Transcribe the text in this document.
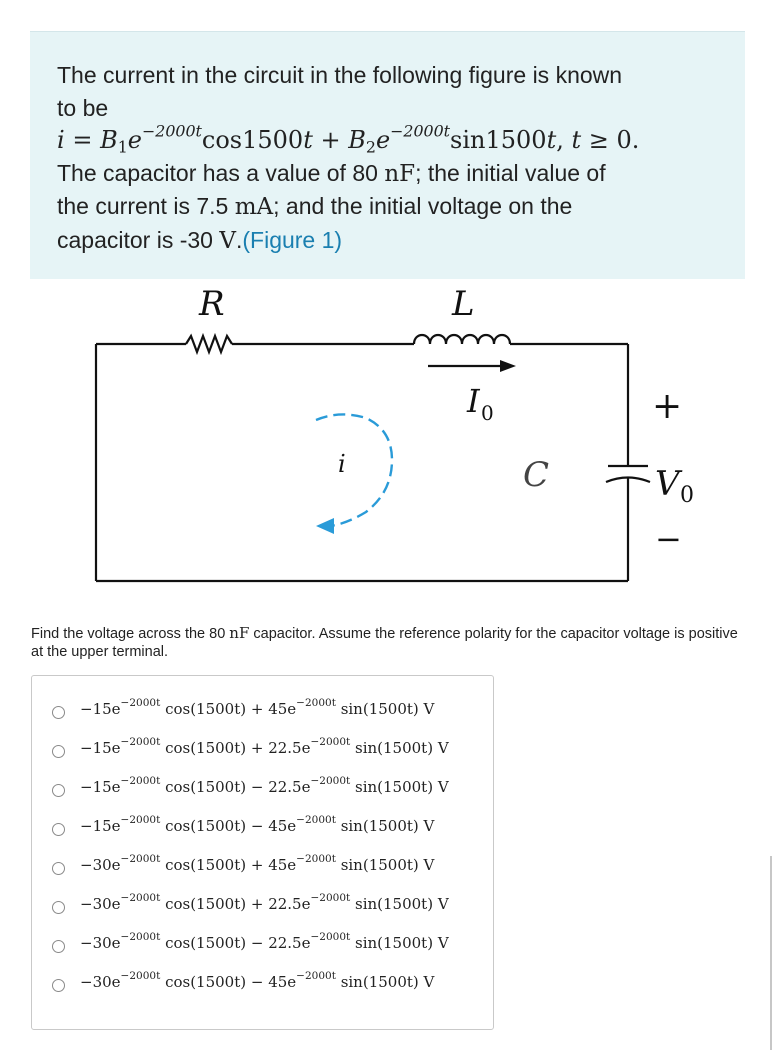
The current in the circuit in the following figure is known
to be
$i = B_1e^{-2000t}\cos 1500t + B_2e^{-2000t}\sin 1500t$, t ≥ 0.
The capacitor has a value of 80 nF; the initial value of
the current is 7.5 mA; and the initial voltage on the
capacitor is -30 V.(Figure 1)
R	L
I 0
i	C	V 0
+
−
Find the voltage across the 80 nF capacitor. Assume the reference polarity for the capacitor voltage is positive at the upper terminal.
$-15e^{-2000t}$ $\cos(1500t) + 45e^{-2000t}$ sin(1500t) V
$-15e^{-2000t}$ $\cos(1500t) + 22.5e^{-2000t}$ sin(1500t) V
$-15e^{-2000t}$ $\cos(1500t) - 22.5e^{-2000t}$ sin(1500t) V
$-15e^{-2000t}$ $\cos(1500t) - 45e^{-2000t}$ sin(1500t) V
$-30e^{-2000t}$ $\cos(1500t) + 45e^{-2000t}$ sin(1500t) V
$-30e^{-2000t}$ $\cos(1500t) + 22.5e^{-2000t}$ sin(1500t) V
$-30e^{-2000t}$ $\cos(1500t) - 22.5e^{-2000t}$ sin(1500t) V
$-30e^{-2000t}$ $\cos(1500t) - 45e^{-2000t}$ sin(1500t) V
